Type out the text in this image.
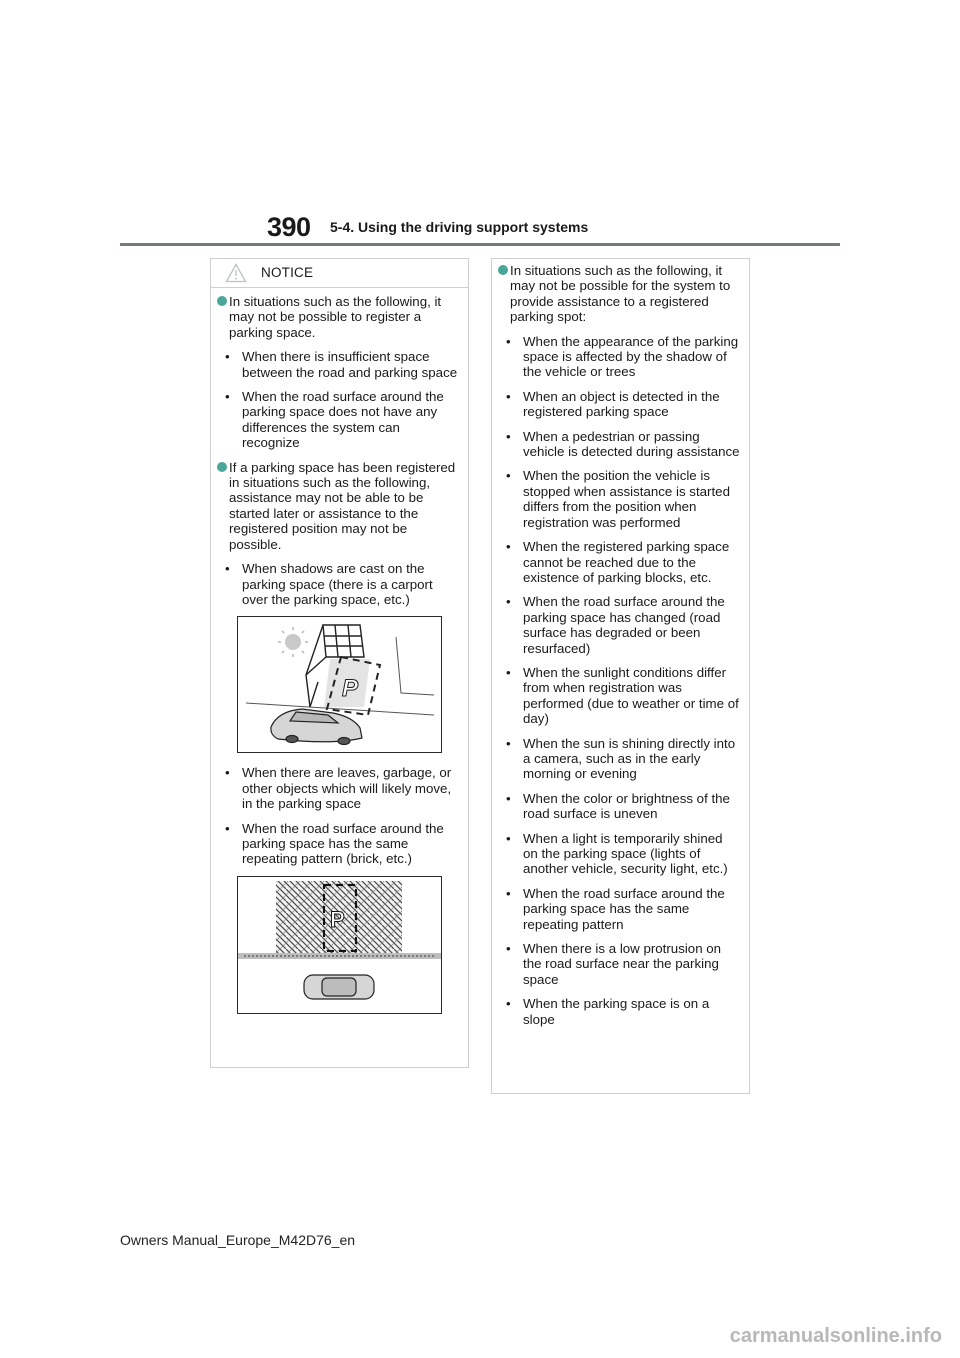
390 5-4. Using the driving support systems
NOTICE
In situations such as the following, it may not be possible to register a parking space.
• When there is insufficient space between the road and parking space
• When the road surface around the parking space does not have any differences the system can recognize
If a parking space has been registered in situations such as the following, assistance may not be able to be started later or assistance to the registered position may not be possible.
• When shadows are cast on the parking space (there is a carport over the parking space, etc.)
P
• When there are leaves, garbage, or other objects which will likely move, in the parking space
• When the road surface around the parking space has the same repeating pattern (brick, etc.)
P
In situations such as the following, it may not be possible for the system to provide assistance to a registered parking spot:
• When the appearance of the parking space is affected by the shadow of the vehicle or trees
• When an object is detected in the registered parking space
• When a pedestrian or passing vehicle is detected during assistance
• When the position the vehicle is stopped when assistance is started differs from the position when registration was performed
• When the registered parking space cannot be reached due to the existence of parking blocks, etc.
• When the road surface around the parking space has changed (road surface has degraded or been resurfaced)
• When the sunlight conditions differ from when registration was performed (due to weather or time of day)
• When the sun is shining directly into a camera, such as in the early morning or evening
• When the color or brightness of the road surface is uneven
• When a light is temporarily shined on the parking space (lights of another vehicle, security light, etc.)
• When the road surface around the parking space has the same repeating pattern
• When there is a low protrusion on the road surface near the parking space
• When the parking space is on a slope
Owners Manual_Europe_M42D76_en
carmanualsonline.info
